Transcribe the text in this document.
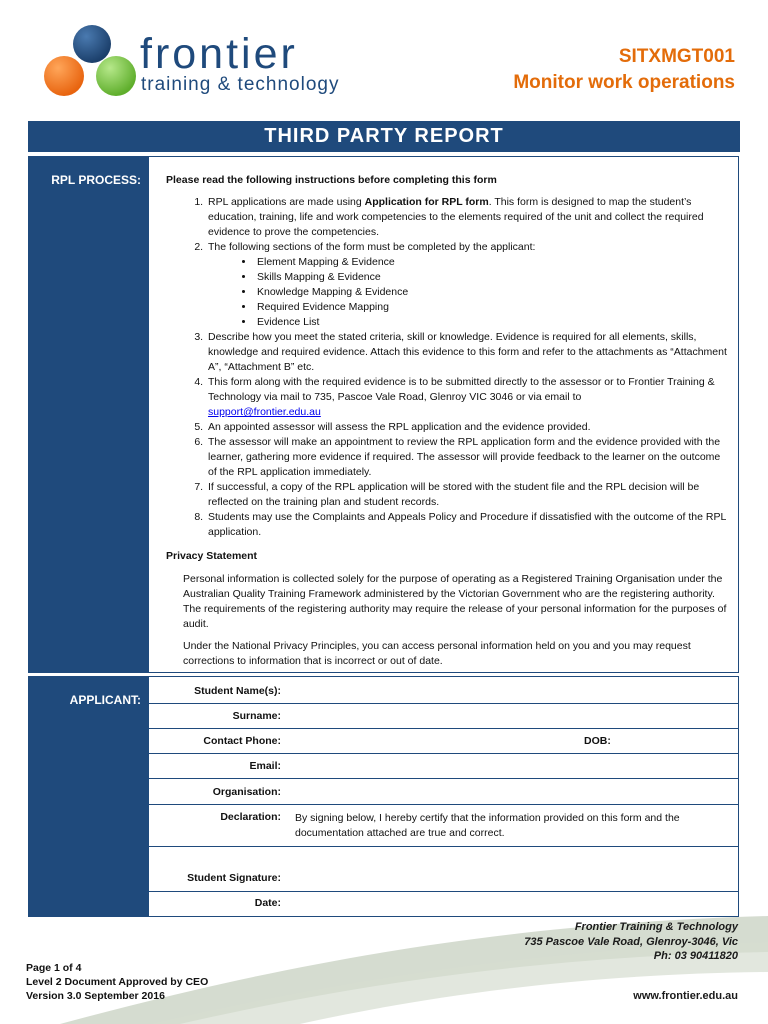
frontier
training & technology
SITXMGT001
Monitor work operations
THIRD PARTY REPORT
RPL PROCESS: Please read the following instructions before completing this form

1. RPL applications are made using Application for RPL form. This form is designed to map the student’s education, training, life and work competencies to the elements required of the unit and collect the required evidence to prove the competencies.
2. The following sections of the form must be completed by the applicant:
• Element Mapping & Evidence
• Skills Mapping & Evidence
• Knowledge Mapping & Evidence
• Required Evidence Mapping
• Evidence List
3. Describe how you meet the stated criteria, skill or knowledge. Evidence is required for all elements, skills, knowledge and required evidence. Attach this evidence to this form and refer to the attachments as “Attachment A”, “Attachment B” etc.
4. This form along with the required evidence is to be submitted directly to the assessor or to Frontier Training & Technology via mail to 735, Pascoe Vale Road, Glenroy VIC 3046 or via email to
support@frontier.edu.au
5. An appointed assessor will assess the RPL application and the evidence provided.
6. The assessor will make an appointment to review the RPL application form and the evidence provided with the learner, gathering more evidence if required. The assessor will provide feedback to the learner on the outcome of the RPL application immediately.
7. If successful, a copy of the RPL application will be stored with the student file and the RPL decision will be reflected on the training plan and student records.
8. Students may use the Complaints and Appeals Policy and Procedure if dissatisfied with the outcome of the RPL application.

Privacy Statement

Personal information is collected solely for the purpose of operating as a Registered Training Organisation under the Australian Quality Training Framework administered by the Victorian Government who are the registering authority. The requirements of the registering authority may require the release of your personal information for the purposes of audit.

Under the National Privacy Principles, you can access personal information held on you and you may request corrections to information that is incorrect or out of date.

APPLICANT:
Student Name(s):
Surname:
Contact Phone:	DOB:
Email:
Organisation:
Declaration: By signing below, I hereby certify that the information provided on this form and the documentation attached are true and correct.
Student Signature:
Date:
Frontier Training & Technology
735 Pascoe Vale Road, Glenroy-3046, Vic
Ph: 03 90411820
www.frontier.edu.au
Page 1 of 4
Level 2 Document Approved by CEO
Version 3.0 September 2016
